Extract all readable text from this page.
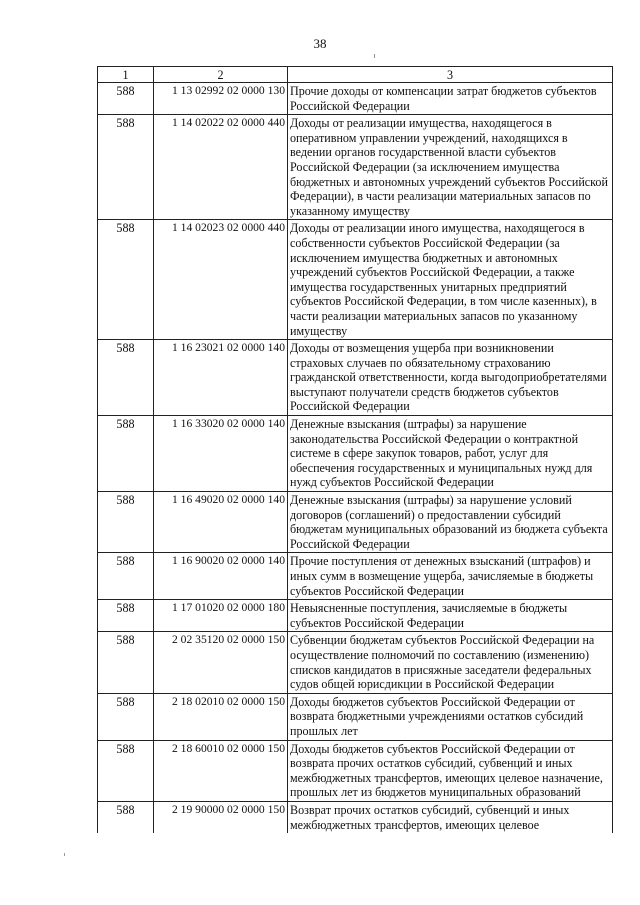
38
1	2	3
588	1 13 02992 02 0000 130	Прочие доходы от компенсации затрат бюджетов субъектов Российской Федерации
588	1 14 02022 02 0000 440	Доходы от реализации имущества, находящегося в оперативном управлении учреждений, находящихся в ведении органов государственной власти субъектов Российской Федерации (за исключением имущества бюджетных и автономных учреждений субъектов Российской Федерации), в части реализации материальных запасов по указанному имуществу
588	1 14 02023 02 0000 440	Доходы от реализации иного имущества, находящегося в собственности субъектов Российской Федерации (за исключением имущества бюджетных и автономных учреждений субъектов Российской Федерации, а также имущества государственных унитарных предприятий субъектов Российской Федерации, в том числе казенных), в части реализации материальных запасов по указанному имуществу
588	1 16 23021 02 0000 140	Доходы от возмещения ущерба при возникновении страховых случаев по обязательному страхованию гражданской ответственности, когда выгодоприобретателями выступают получатели средств бюджетов субъектов Российской Федерации
588	1 16 33020 02 0000 140	Денежные взыскания (штрафы) за нарушение законодательства Российской Федерации о контрактной системе в сфере закупок товаров, работ, услуг для обеспечения государственных и муниципальных нужд для нужд субъектов Российской Федерации
588	1 16 49020 02 0000 140	Денежные взыскания (штрафы) за нарушение условий договоров (соглашений) о предоставлении субсидий бюджетам муниципальных образований из бюджета субъекта Российской Федерации
588	1 16 90020 02 0000 140	Прочие поступления от денежных взысканий (штрафов) и иных сумм в возмещение ущерба, зачисляемые в бюджеты субъектов Российской Федерации
588	1 17 01020 02 0000 180	Невыясненные поступления, зачисляемые в бюджеты субъектов Российской Федерации
588	2 02 35120 02 0000 150	Субвенции бюджетам субъектов Российской Федерации на осуществление полномочий по составлению (изменению) списков кандидатов в присяжные заседатели федеральных судов общей юрисдикции в Российской Федерации
588	2 18 02010 02 0000 150	Доходы бюджетов субъектов Российской Федерации от возврата бюджетными учреждениями остатков субсидий прошлых лет
588	2 18 60010 02 0000 150	Доходы бюджетов субъектов Российской Федерации от возврата прочих остатков субсидий, субвенций и иных межбюджетных трансфертов, имеющих целевое назначение, прошлых лет из бюджетов муниципальных образований
588	2 19 90000 02 0000 150	Возврат прочих остатков субсидий, субвенций и иных межбюджетных трансфертов, имеющих целевое
